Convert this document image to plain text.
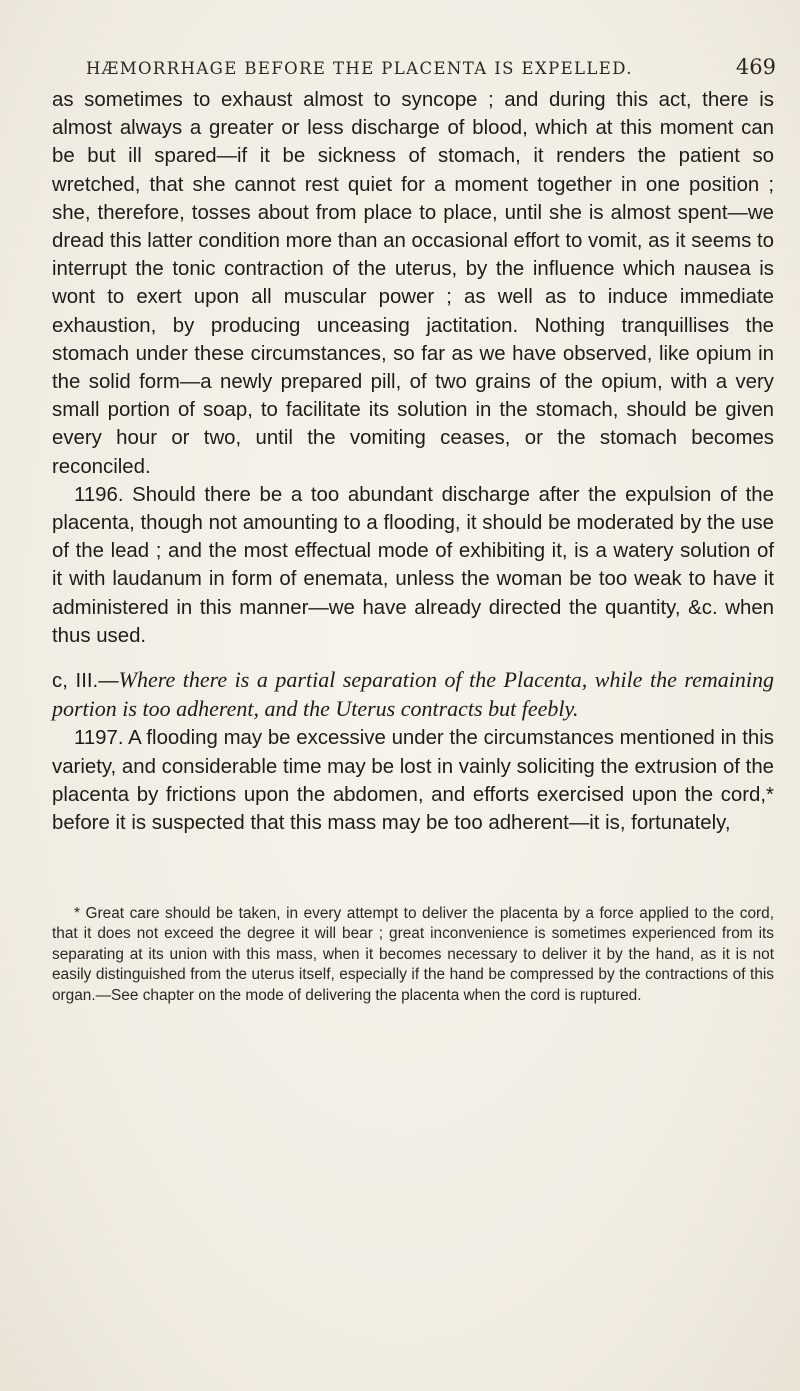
HÆMORRHAGE BEFORE THE PLACENTA IS EXPELLED.	469

as sometimes to exhaust almost to syncope ; and during this act, there is almost always a greater or less discharge of blood, which at this moment can be but ill spared—if it be sickness of stomach, it renders the patient so wretched, that she cannot rest quiet for a moment together in one position ; she, therefore, tosses about from place to place, until she is almost spent—we dread this latter condition more than an occasional effort to vomit, as it seems to interrupt the tonic contraction of the uterus, by the influence which nausea is wont to exert upon all muscular power ; as well as to induce immediate exhaustion, by producing unceasing jactitation. Nothing tranquillises the stomach under these circumstances, so far as we have observed, like opium in the solid form—a newly prepared pill, of two grains of the opium, with a very small portion of soap, to facilitate its solution in the stomach, should be given every hour or two, until the vomiting ceases, or the stomach becomes reconciled.

1196. Should there be a too abundant discharge after the expulsion of the placenta, though not amounting to a flooding, it should be moderated by the use of the lead ; and the most effectual mode of exhibiting it, is a watery solution of it with laudanum in form of enemata, unless the woman be too weak to have it administered in this manner—we have already directed the quantity, &c. when thus used.

c, III.—Where there is a partial separation of the Placenta, while the remaining portion is too adherent, and the Uterus contracts but feebly.

1197. A flooding may be excessive under the circumstances mentioned in this variety, and considerable time may be lost in vainly soliciting the extrusion of the placenta by frictions upon the abdomen, and efforts exercised upon the cord,* before it is suspected that this mass may be too adherent—it is, fortunately,

* Great care should be taken, in every attempt to deliver the placenta by a force applied to the cord, that it does not exceed the degree it will bear ; great inconvenience is sometimes experienced from its separating at its union with this mass, when it becomes necessary to deliver it by the hand, as it is not easily distinguished from the uterus itself, especially if the hand be compressed by the contractions of this organ.—See chapter on the mode of delivering the placenta when the cord is ruptured.
